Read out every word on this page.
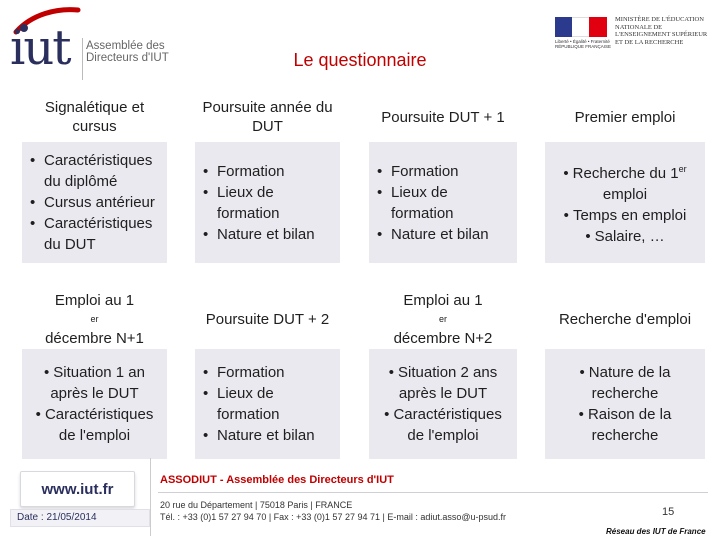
iut Assemblée des Directeurs d'IUT
Liberté • Égalité • Fraternité RÉPUBLIQUE FRANÇAISE
MINISTÈRE DE L'ÉDUCATION NATIONALE DE L'ENSEIGNEMENT SUPÉRIEUR ET DE LA RECHERCHE
Le questionnaire
Signalétique et cursus
Poursuite année du DUT
Poursuite DUT + 1	Premier emploi
• Caractéristiques du diplômé
• Cursus antérieur
• Caractéristiques du DUT
• Formation
• Lieux de formation
• Nature et bilan
• Formation
• Lieux de formation
• Nature et bilan
• Recherche du 1er emploi
• Temps en emploi
• Salaire, …
Emploi au 1
er
décembre N+1
Poursuite DUT + 2
Emploi au 1
er
décembre N+2
Recherche d'emploi
• Situation 1 an après le DUT
• Caractéristiques de l'emploi
• Formation
• Lieux de formation
• Nature et bilan
• Situation 2 ans après le DUT
• Caractéristiques de l'emploi
• Nature de la recherche
• Raison de la recherche
www.iut.fr
Date : 21/05/2014
ASSODIUT - Assemblée des Directeurs d'IUT
20 rue du Département | 75018 Paris | FRANCE
Tél. : +33 (0)1 57 27 94 70 | Fax : +33 (0)1 57 27 94 71 | E-mail : adiut.asso@u-psud.fr	15
Réseau des IUT de France
